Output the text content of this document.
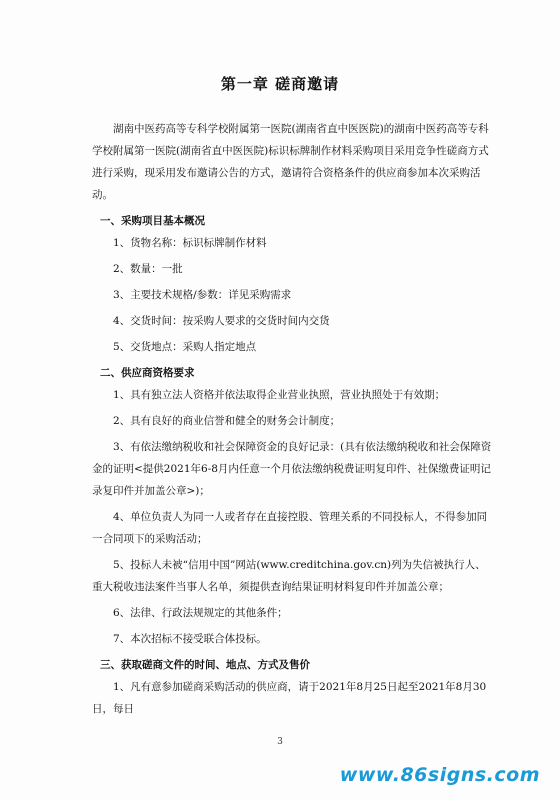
第一章 磋商邀请

湖南中医药高等专科学校附属第一医院(湖南省直中医医院)的湖南中医药高等专科学校附属第一医院(湖南省直中医医院)标识标牌制作材料采购项目采用竞争性磋商方式进行采购，现采用发布邀请公告的方式，邀请符合资格条件的供应商参加本次采购活动。

一、采购项目基本概况

1、货物名称：标识标牌制作材料

2、数量：一批

3、主要技术规格/参数：详见采购需求

4、交货时间：按采购人要求的交货时间内交货

5、交货地点：采购人指定地点

二、供应商资格要求

1、具有独立法人资格并依法取得企业营业执照，营业执照处于有效期；

2、具有良好的商业信誉和健全的财务会计制度；

3、有依法缴纳税收和社会保障资金的良好记录：(具有依法缴纳税收和社会保障资金的证明<提供2021年6-8月内任意一个月依法缴纳税费证明复印件、社保缴费证明记录复印件并加盖公章>)；

4、单位负责人为同一人或者存在直接控股、管理关系的不同投标人，不得参加同一合同项下的采购活动；

5、投标人未被“信用中国”网站(www.creditchina.gov.cn)列为失信被执行人、重大税收违法案件当事人名单，须提供查询结果证明材料复印件并加盖公章；

6、法律、行政法规规定的其他条件；

7、本次招标不接受联合体投标。

三、获取磋商文件的时间、地点、方式及售价

1、凡有意参加磋商采购活动的供应商，请于2021年8月25日起至2021年8月30日，每日

3
www.86signs.com
